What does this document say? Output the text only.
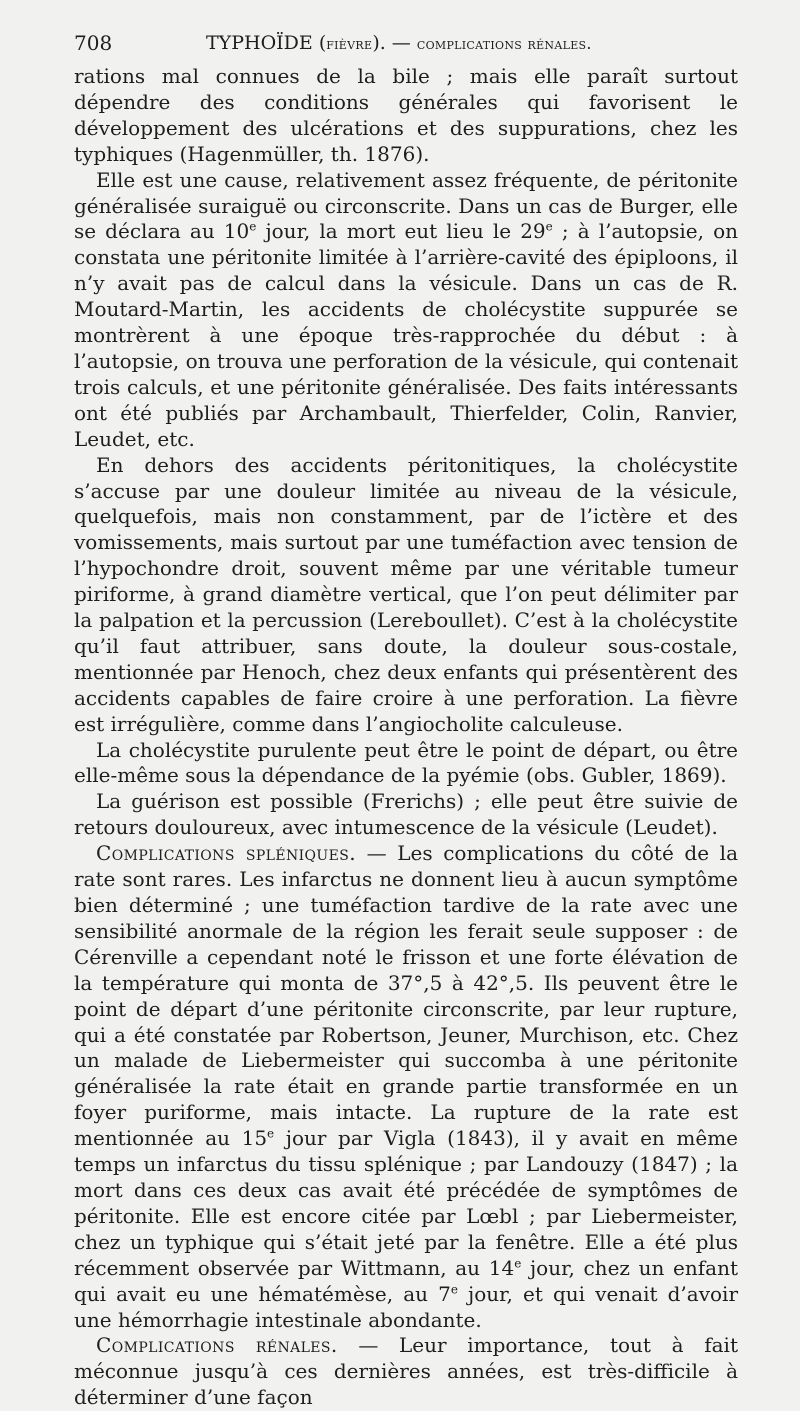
708	TYPHOÏDE (fièvre). — complications rénales.

rations mal connues de la bile ; mais elle paraît surtout dépendre des conditions générales qui favorisent le développement des ulcérations et des suppurations, chez les typhiques (Hagenmüller, th. 1876).

Elle est une cause, relativement assez fréquente, de péritonite généralisée suraiguë ou circonscrite. Dans un cas de Burger, elle se déclara au 10e jour, la mort eut lieu le 29e ; à l’autopsie, on constata une péritonite limitée à l’arrière-cavité des épiploons, il n’y avait pas de calcul dans la vésicule. Dans un cas de R. Moutard-Martin, les accidents de cholécystite suppurée se montrèrent à une époque très-rapprochée du début : à l’autopsie, on trouva une perforation de la vésicule, qui contenait trois calculs, et une péritonite généralisée. Des faits intéressants ont été publiés par Archambault, Thierfelder, Colin, Ranvier, Leudet, etc.

En dehors des accidents péritonitiques, la cholécystite s’accuse par une douleur limitée au niveau de la vésicule, quelquefois, mais non constamment, par de l’ictère et des vomissements, mais surtout par une tuméfaction avec tension de l’hypochondre droit, souvent même par une véritable tumeur piriforme, à grand diamètre vertical, que l’on peut délimiter par la palpation et la percussion (Lereboullet). C’est à la cholécystite qu’il faut attribuer, sans doute, la douleur sous-costale, mentionnée par Henoch, chez deux enfants qui présentèrent des accidents capables de faire croire à une perforation. La fièvre est irrégulière, comme dans l’angiocholite calculeuse.

La cholécystite purulente peut être le point de départ, ou être elle-même sous la dépendance de la pyémie (obs. Gubler, 1869).

La guérison est possible (Frerichs) ; elle peut être suivie de retours douloureux, avec intumescence de la vésicule (Leudet).

Complications spléniques. — Les complications du côté de la rate sont rares. Les infarctus ne donnent lieu à aucun symptôme bien déterminé ; une tuméfaction tardive de la rate avec une sensibilité anormale de la région les ferait seule supposer : de Cérenville a cependant noté le frisson et une forte élévation de la température qui monta de 37°,5 à 42°,5. Ils peuvent être le point de départ d’une péritonite circonscrite, par leur rupture, qui a été constatée par Robertson, Jeuner, Murchison, etc. Chez un malade de Liebermeister qui succomba à une péritonite généralisée la rate était en grande partie transformée en un foyer puriforme, mais intacte. La rupture de la rate est mentionnée au 15e jour par Vigla (1843), il y avait en même temps un infarctus du tissu splénique ; par Landouzy (1847) ; la mort dans ces deux cas avait été précédée de symptômes de péritonite. Elle est encore citée par Lœbl ; par Liebermeister, chez un typhique qui s’était jeté par la fenêtre. Elle a été plus récemment observée par Wittmann, au 14e jour, chez un enfant qui avait eu une hématémèse, au 7e jour, et qui venait d’avoir une hémorrhagie intestinale abondante.

Complications rénales. — Leur importance, tout à fait méconnue jusqu’à ces dernières années, est très-difficile à déterminer d’une façon
